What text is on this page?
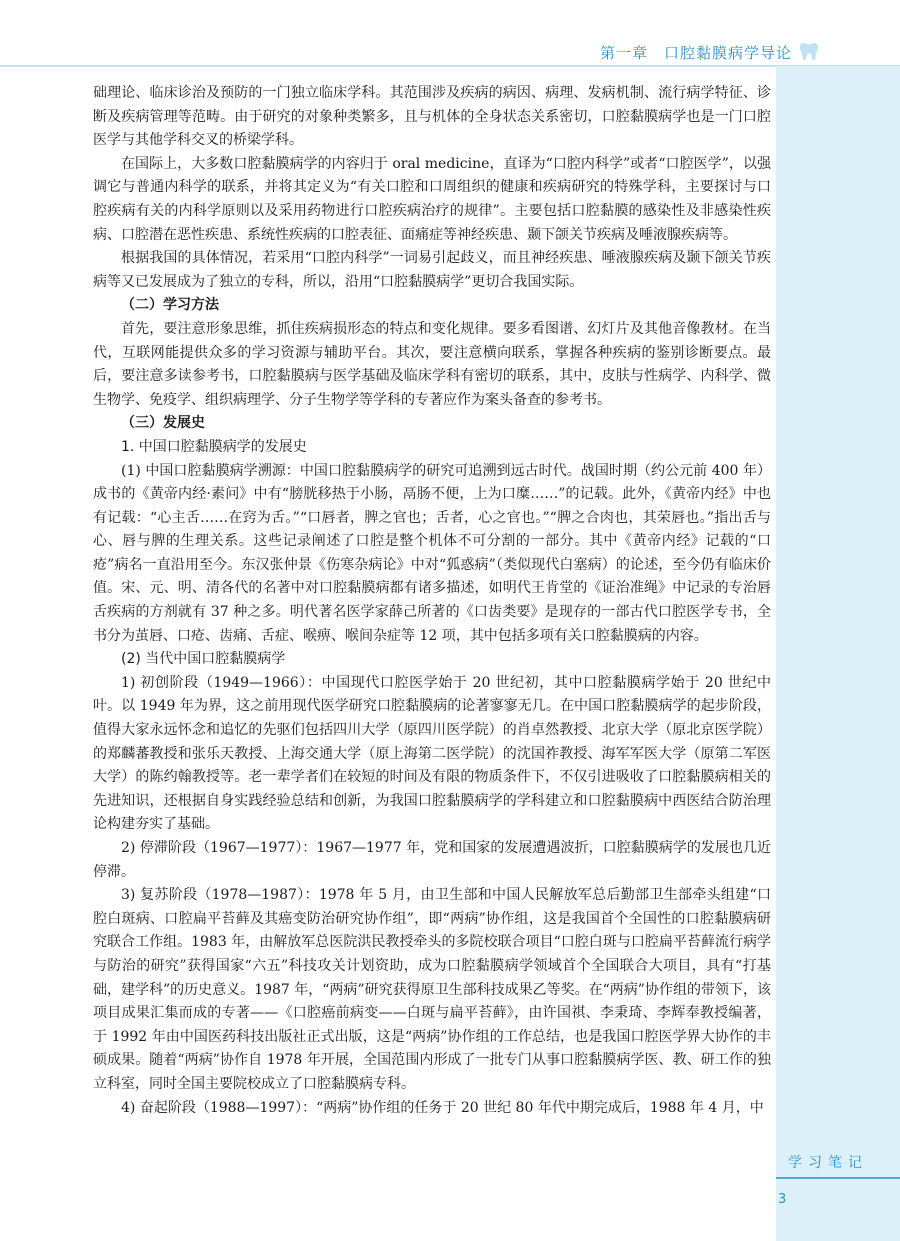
第一章　口腔黏膜病学导论
学习笔记
3

础理论、临床诊治及预防的一门独立临床学科。其范围涉及疾病的病因、病理、发病机制、流行病学特征、诊断及疾病管理等范畴。由于研究的对象种类繁多，且与机体的全身状态关系密切，口腔黏膜病学也是一门口腔医学与其他学科交叉的桥梁学科。

在国际上，大多数口腔黏膜病学的内容归于 oral medicine，直译为“口腔内科学”或者“口腔医学”，以强调它与普通内科学的联系，并将其定义为“有关口腔和口周组织的健康和疾病研究的特殊学科，主要探讨与口腔疾病有关的内科学原则以及采用药物进行口腔疾病治疗的规律”。主要包括口腔黏膜的感染性及非感染性疾病、口腔潜在恶性疾患、系统性疾病的口腔表征、面痛症等神经疾患、颞下颌关节疾病及唾液腺疾病等。

根据我国的具体情况，若采用“口腔内科学”一词易引起歧义，而且神经疾患、唾液腺疾病及颞下颌关节疾病等又已发展成为了独立的专科，所以，沿用“口腔黏膜病学”更切合我国实际。

（二）学习方法

首先，要注意形象思维，抓住疾病损形态的特点和变化规律。要多看图谱、幻灯片及其他音像教材。在当代，互联网能提供众多的学习资源与辅助平台。其次，要注意横向联系，掌握各种疾病的鉴别诊断要点。最后，要注意多读参考书，口腔黏膜病与医学基础及临床学科有密切的联系，其中，皮肤与性病学、内科学、微生物学、免疫学、组织病理学、分子生物学等学科的专著应作为案头备查的参考书。

（三）发展史
1. 中国口腔黏膜病学的发展史

(1) 中国口腔黏膜病学溯源：中国口腔黏膜病学的研究可追溯到远古时代。战国时期（约公元前 400 年）成书的《黄帝内经·素问》中有“膀胱移热于小肠，鬲肠不便，上为口糜……”的记载。此外，《黄帝内经》中也有记载：“心主舌……在窍为舌。”“口唇者，脾之官也；舌者，心之官也。”“脾之合肉也，其荣唇也。”指出舌与心、唇与脾的生理关系。这些记录阐述了口腔是整个机体不可分割的一部分。其中《黄帝内经》记载的“口疮”病名一直沿用至今。东汉张仲景《伤寒杂病论》中对“狐惑病”（类似现代白塞病）的论述，至今仍有临床价值。宋、元、明、清各代的名著中对口腔黏膜病都有诸多描述，如明代王肯堂的《证治准绳》中记录的专治唇舌疾病的方剂就有 37 种之多。明代著名医学家薛己所著的《口齿类要》是现存的一部古代口腔医学专书，全书分为茧唇、口疮、齿痛、舌症、喉痹、喉间杂症等 12 项，其中包括多项有关口腔黏膜病的内容。

(2) 当代中国口腔黏膜病学

1) 初创阶段（1949—1966）：中国现代口腔医学始于 20 世纪初，其中口腔黏膜病学始于 20 世纪中叶。以 1949 年为界，这之前用现代医学研究口腔黏膜病的论著寥寥无几。在中国口腔黏膜病学的起步阶段，值得大家永远怀念和追忆的先驱们包括四川大学（原四川医学院）的肖卓然教授、北京大学（原北京医学院）的郑麟蕃教授和张乐天教授、上海交通大学（原上海第二医学院）的沈国祚教授、海军军医大学（原第二军医大学）的陈约翰教授等。老一辈学者们在较短的时间及有限的物质条件下，不仅引进吸收了口腔黏膜病相关的先进知识，还根据自身实践经验总结和创新，为我国口腔黏膜病学的学科建立和口腔黏膜病中西医结合防治理论构建夯实了基础。

2) 停滞阶段（1967—1977）：1967—1977 年，党和国家的发展遭遇波折，口腔黏膜病学的发展也几近停滞。

3) 复苏阶段（1978—1987）：1978 年 5 月，由卫生部和中国人民解放军总后勤部卫生部牵头组建“口腔白斑病、口腔扁平苔藓及其癌变防治研究协作组”，即“两病”协作组，这是我国首个全国性的口腔黏膜病研究联合工作组。1983 年，由解放军总医院洪民教授牵头的多院校联合项目“口腔白斑与口腔扁平苔藓流行病学与防治的研究”获得国家“六五”科技攻关计划资助，成为口腔黏膜病学领域首个全国联合大项目，具有“打基础，建学科”的历史意义。1987 年，“两病”研究获得原卫生部科技成果乙等奖。在“两病”协作组的带领下，该项目成果汇集而成的专著——《口腔癌前病变——白斑与扁平苔藓》，由许国祺、李秉琦、李辉奉教授编著，于 1992 年由中国医药科技出版社正式出版，这是“两病”协作组的工作总结，也是我国口腔医学界大协作的丰硕成果。随着“两病”协作自 1978 年开展，全国范围内形成了一批专门从事口腔黏膜病学医、教、研工作的独立科室，同时全国主要院校成立了口腔黏膜病专科。

4) 奋起阶段（1988—1997）：“两病”协作组的任务于 20 世纪 80 年代中期完成后，1988 年 4 月，中
